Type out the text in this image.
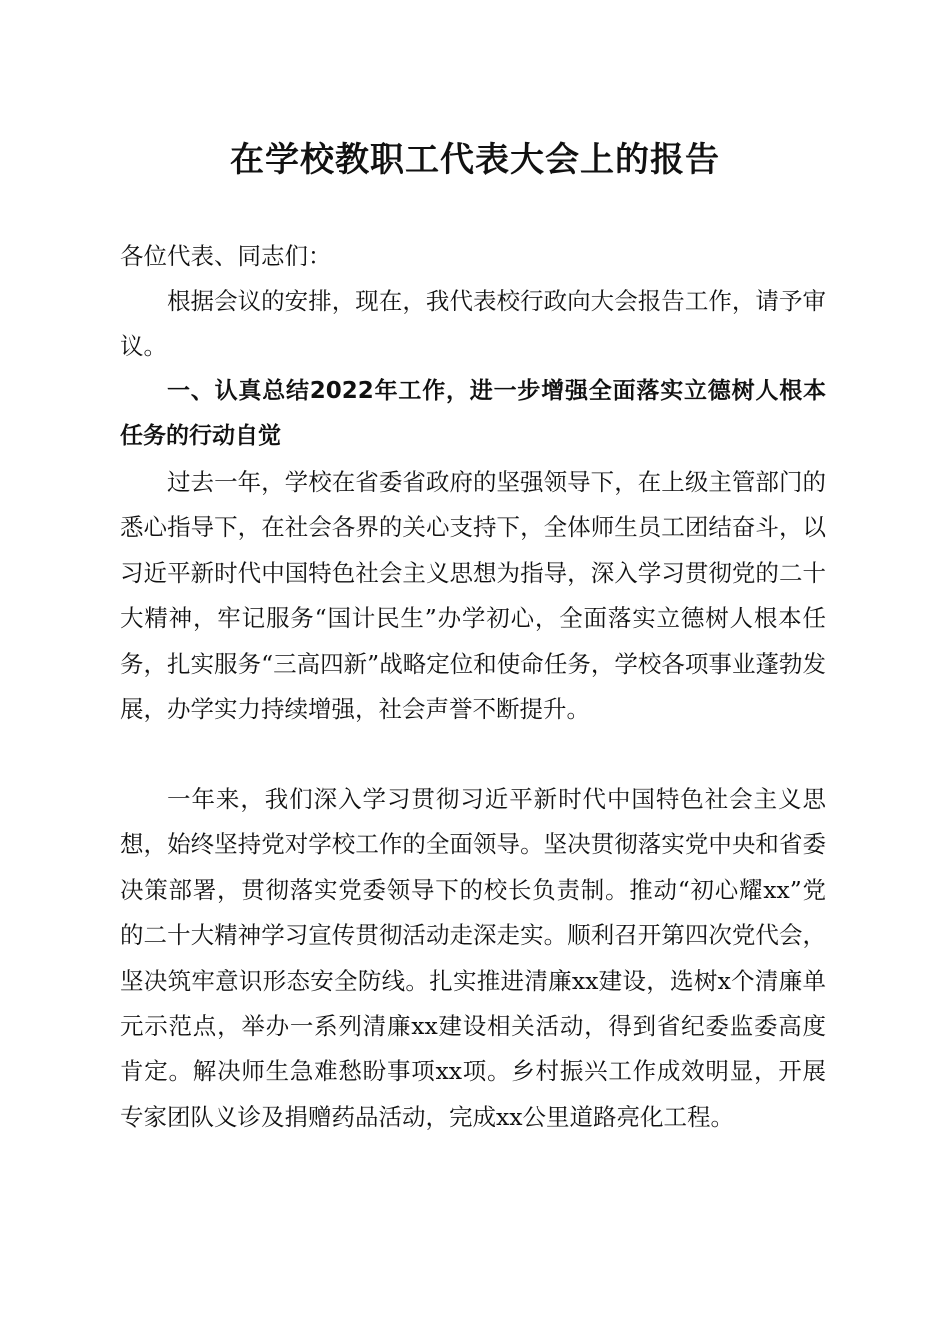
在学校教职工代表大会上的报告

各位代表、同志们：

根据会议的安排，现在，我代表校行政向大会报告工作，请予审议。

一、认真总结2022年工作，进一步增强全面落实立德树人根本任务的行动自觉

过去一年，学校在省委省政府的坚强领导下，在上级主管部门的悉心指导下，在社会各界的关心支持下，全体师生员工团结奋斗，以习近平新时代中国特色社会主义思想为指导，深入学习贯彻党的二十大精神，牢记服务“国计民生”办学初心，全面落实立德树人根本任务，扎实服务“三高四新”战略定位和使命任务，学校各项事业蓬勃发展，办学实力持续增强，社会声誉不断提升。

一年来，我们深入学习贯彻习近平新时代中国特色社会主义思想，始终坚持党对学校工作的全面领导。坚决贯彻落实党中央和省委决策部署，贯彻落实党委领导下的校长负责制。推动“初心耀xx”党的二十大精神学习宣传贯彻活动走深走实。顺利召开第四次党代会，坚决筑牢意识形态安全防线。扎实推进清廉xx建设，选树x个清廉单元示范点，举办一系列清廉xx建设相关活动，得到省纪委监委高度肯定。解决师生急难愁盼事项xx项。乡村振兴工作成效明显，开展专家团队义诊及捐赠药品活动，完成xx公里道路亮化工程。
